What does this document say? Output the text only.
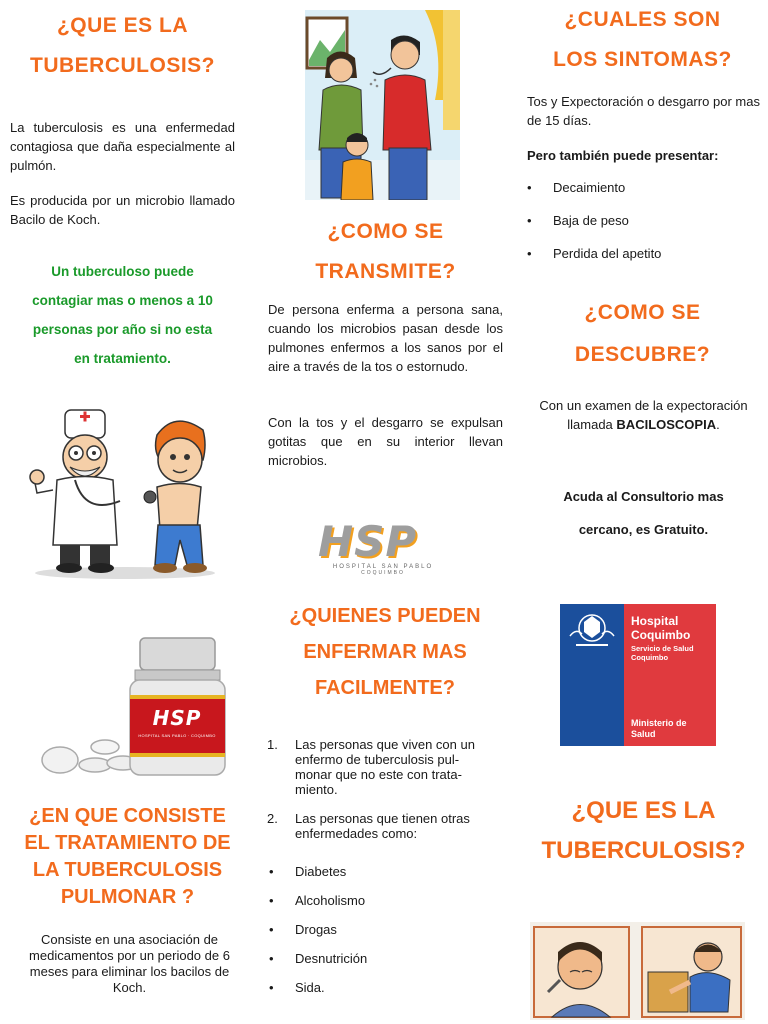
¿QUE ES LA
TUBERCULOSIS?

La tuberculosis es una enfermedad contagiosa que daña especialmente al pulmón.

Es producida por un microbio llamado Bacilo de Koch.

Un tuberculoso puede
contagiar mas o menos a 10
personas por año si no esta
en tratamiento.
HSP
HOSPITAL SAN PABLO · COQUIMBO
¿EN QUE CONSISTE
EL TRATAMIENTO DE
LA TUBERCULOSIS
PULMONAR ?

Consiste en una asociación de medicamentos por un periodo de 6 meses para eliminar los bacilos de Koch.

¿COMO SE
TRANSMITE?

De persona enferma a persona sana, cuando los microbios pasan desde los pulmones enfermos a los sanos por el aire a través de la tos o estornudo.

Con la tos y el desgarro se expulsan gotitas que en su interior llevan microbios.

HSP
HOSPITAL SAN PABLO
COQUIMBO
¿QUIENES PUEDEN
ENFERMAR MAS
FACILMENTE?
1. Las personas que viven con un
enfermo de tuberculosis pul-
monar que no este con trata-
miento.
2. Las personas que tienen otras
enfermedades como:
• Diabetes
• Alcoholismo
• Drogas
• Desnutrición
• Sida.
¿CUALES SON
LOS SINTOMAS?

Tos y Expectoración o desgarro por mas de 15 días.

Pero también puede presentar:

• Decaimiento
• Baja de peso
• Perdida del apetito
¿COMO SE
DESCUBRE?

Con un examen de la expectoración llamada BACILOSCOPIA.

Acuda al Consultorio mas
cercano, es Gratuito.
Hospital
Coquimbo
Servicio de Salud
Coquimbo
Ministerio de
Salud
¿QUE ES LA
TUBERCULOSIS?
